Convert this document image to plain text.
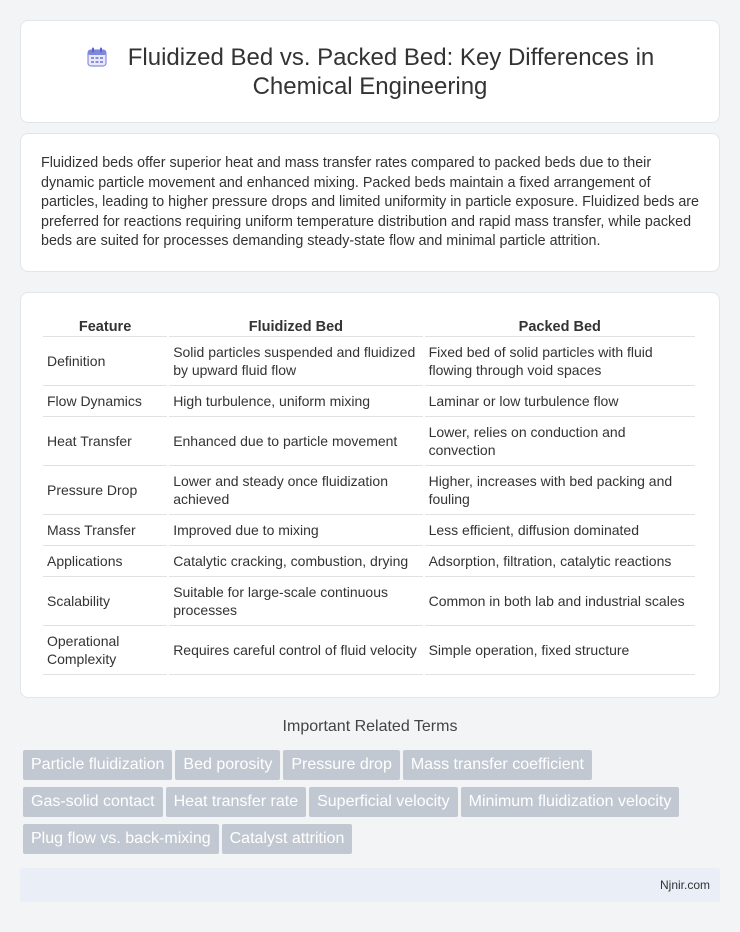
Fluidized Bed vs. Packed Bed: Key Differences in Chemical Engineering

Fluidized beds offer superior heat and mass transfer rates compared to packed beds due to their dynamic particle movement and enhanced mixing. Packed beds maintain a fixed arrangement of particles, leading to higher pressure drops and limited uniformity in particle exposure. Fluidized beds are preferred for reactions requiring uniform temperature distribution and rapid mass transfer, while packed beds are suited for processes demanding steady-state flow and minimal particle attrition.

Feature	Fluidized Bed	Packed Bed
Definition	Solid particles suspended and fluidized by upward fluid flow	Fixed bed of solid particles with fluid flowing through void spaces
Flow Dynamics	High turbulence, uniform mixing	Laminar or low turbulence flow
Heat Transfer	Enhanced due to particle movement	Lower, relies on conduction and convection
Pressure Drop	Lower and steady once fluidization achieved	Higher, increases with bed packing and fouling
Mass Transfer	Improved due to mixing	Less efficient, diffusion dominated
Applications	Catalytic cracking, combustion, drying	Adsorption, filtration, catalytic reactions
Scalability	Suitable for large-scale continuous processes	Common in both lab and industrial scales
Operational Complexity	Requires careful control of fluid velocity	Simple operation, fixed structure
Important Related Terms
Particle fluidization Bed porosity Pressure drop Mass transfer coefficient
Gas-solid contact Heat transfer rate Superficial velocity Minimum fluidization velocity
Plug flow vs. back-mixing Catalyst attrition
Njnir.com
